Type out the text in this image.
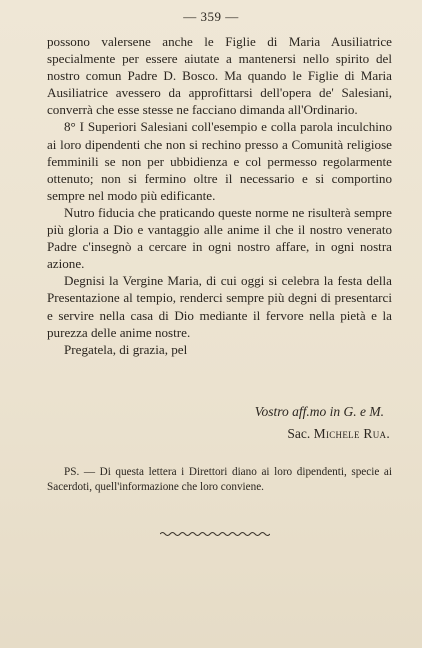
— 359 —

possono valersene anche le Figlie di Maria Ausiliatrice specialmente per essere aiutate a mantenersi nello spirito del nostro comun Padre D. Bosco. Ma quando le Figlie di Maria Ausiliatrice avessero da approfittarsi dell'opera de' Salesiani, converrà che esse stesse ne facciano dimanda all'Ordinario.

8° I Superiori Salesiani coll'esempio e colla parola inculchino ai loro dipendenti che non si rechino presso a Comunità religiose femminili se non per ubbidienza e col permesso regolarmente ottenuto; non si fermino oltre il necessario e si comportino sempre nel modo più edificante.

Nutro fiducia che praticando queste norme ne risulterà sempre più gloria a Dio e vantaggio alle anime il che il nostro venerato Padre c'insegnò a cercare in ogni nostro affare, in ogni nostra azione.

Degnisi la Vergine Maria, di cui oggi si celebra la festa della Presentazione al tempio, renderci sempre più degni di presentarci e servire nella casa di Dio mediante il fervore nella pietà e la purezza delle anime nostre.

Pregatela, di grazia, pel

Vostro aff.mo in G. e M.
Sac. Michele Rua.
PS. — Di questa lettera i Direttori diano ai loro dipendenti, specie ai Sacerdoti, quell'informazione che loro conviene.
